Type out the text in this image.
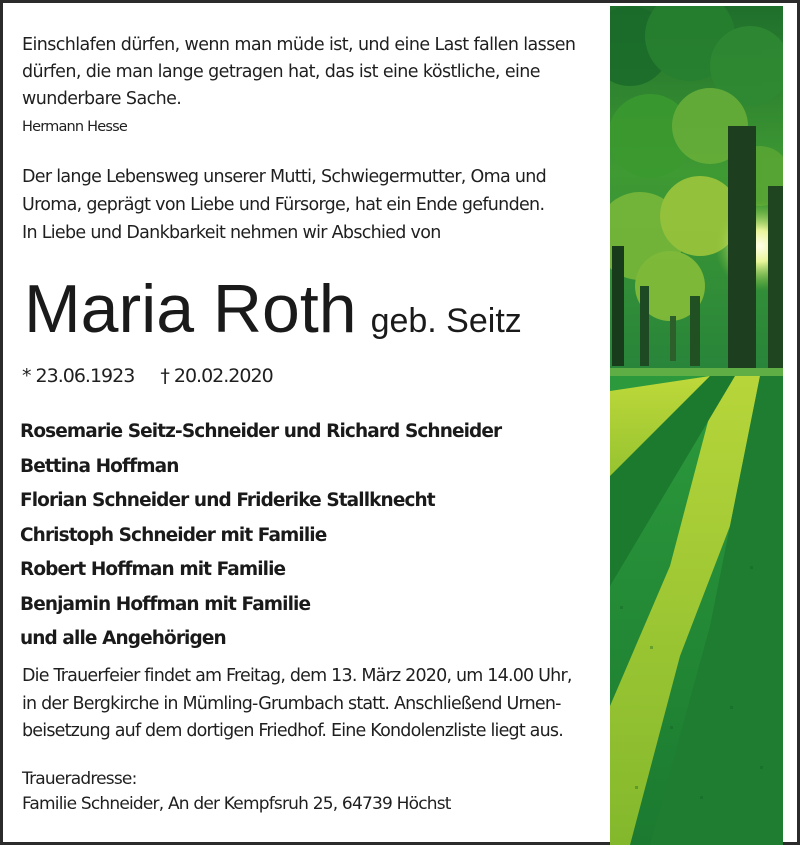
Einschlafen dürfen, wenn man müde ist, und eine Last fallen lassen

dürfen, die man lange getragen hat, das ist eine köstliche, eine

wunderbare Sache.

Hermann Hesse

Der lange Lebensweg unserer Mutti, Schwiegermutter, Oma und

Uroma, geprägt von Liebe und Fürsorge, hat ein Ende gefunden.

In Liebe und Dankbarkeit nehmen wir Abschied von

Maria Roth geb. Seitz
* 23.06.1923 † 20.02.2020
Rosemarie Seitz-Schneider und Richard Schneider
Bettina Hoffman
Florian Schneider und Friderike Stallknecht
Christoph Schneider mit Familie
Robert Hoffman mit Familie
Benjamin Hoffman mit Familie
und alle Angehörigen

Die Trauerfeier findet am Freitag, dem 13. März 2020, um 14.00 Uhr,

in der Bergkirche in Mümling-Grumbach statt. Anschließend Urnen-

beisetzung auf dem dortigen Friedhof. Eine Kondolenzliste liegt aus.

Traueradresse:
Familie Schneider, An der Kempfsruh 25, 64739 Höchst
